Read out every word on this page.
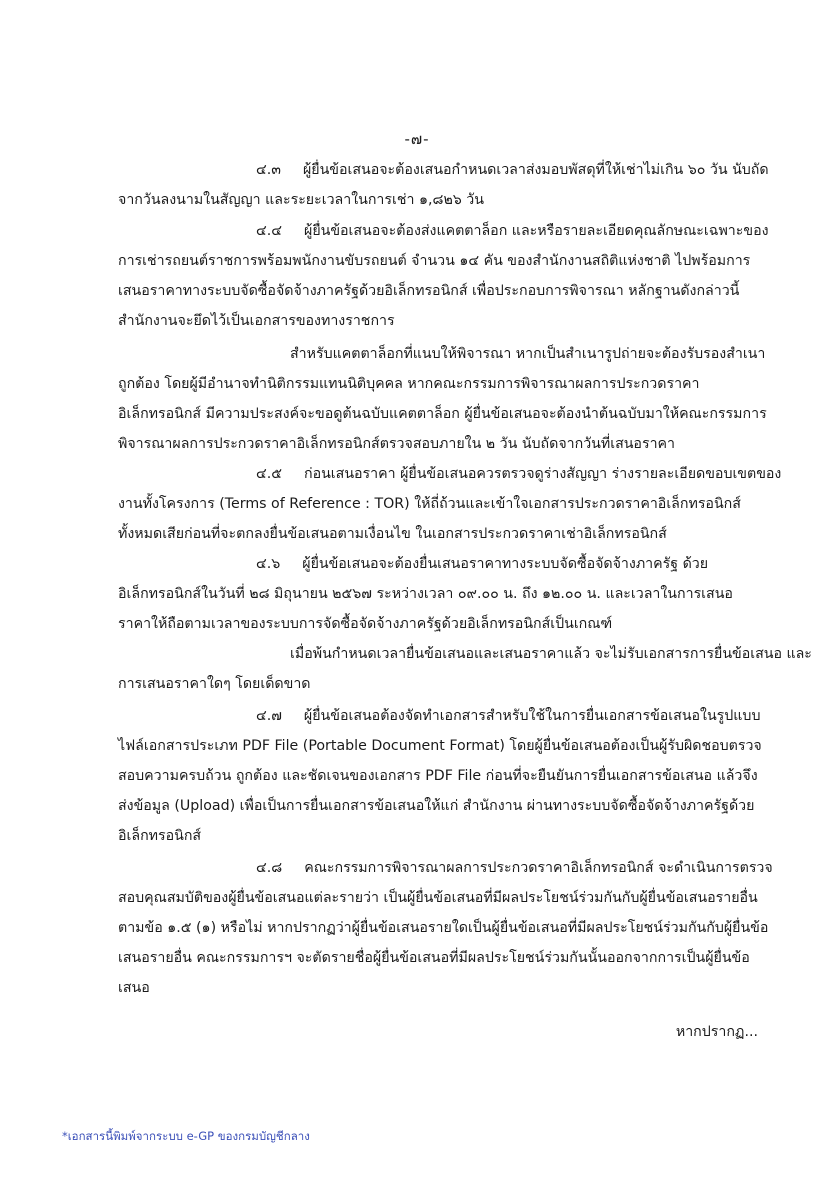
-๗-
๔.๓ ผู้ยื่นข้อเสนอจะต้องเสนอกำหนดเวลาส่งมอบพัสดุที่ให้เช่าไม่เกิน ๖๐ วัน นับถัด
จากวันลงนามในสัญญา และระยะเวลาในการเช่า ๑,๘๒๖ วัน
๔.๔ ผู้ยื่นข้อเสนอจะต้องส่งแคตตาล็อก และหรือรายละเอียดคุณลักษณะเฉพาะของ
การเช่ารถยนต์ราชการพร้อมพนักงานขับรถยนต์ จำนวน ๑๔ คัน ของสำนักงานสถิติแห่งชาติ ไปพร้อมการ
เสนอราคาทางระบบจัดซื้อจัดจ้างภาครัฐด้วยอิเล็กทรอนิกส์ เพื่อประกอบการพิจารณา หลักฐานดังกล่าวนี้
สำนักงานจะยึดไว้เป็นเอกสารของทางราชการ
สำหรับแคตตาล็อกที่แนบให้พิจารณา หากเป็นสำเนารูปถ่ายจะต้องรับรองสำเนา
ถูกต้อง โดยผู้มีอำนาจทำนิติกรรมแทนนิติบุคคล หากคณะกรรมการพิจารณาผลการประกวดราคา
อิเล็กทรอนิกส์ มีความประสงค์จะขอดูต้นฉบับแคตตาล็อก ผู้ยื่นข้อเสนอจะต้องนำต้นฉบับมาให้คณะกรรมการ
พิจารณาผลการประกวดราคาอิเล็กทรอนิกส์ตรวจสอบภายใน ๒ วัน นับถัดจากวันที่เสนอราคา
๔.๕ ก่อนเสนอราคา ผู้ยื่นข้อเสนอควรตรวจดูร่างสัญญา ร่างรายละเอียดขอบเขตของ
งานทั้งโครงการ (Terms of Reference : TOR) ให้ถี่ถ้วนและเข้าใจเอกสารประกวดราคาอิเล็กทรอนิกส์
ทั้งหมดเสียก่อนที่จะตกลงยื่นข้อเสนอตามเงื่อนไข ในเอกสารประกวดราคาเช่าอิเล็กทรอนิกส์
๔.๖ ผู้ยื่นข้อเสนอจะต้องยื่นเสนอราคาทางระบบจัดซื้อจัดจ้างภาครัฐ ด้วย
อิเล็กทรอนิกส์ในวันที่ ๒๘ มิถุนายน ๒๕๖๗ ระหว่างเวลา ๐๙.๐๐ น. ถึง ๑๒.๐๐ น. และเวลาในการเสนอ
ราคาให้ถือตามเวลาของระบบการจัดซื้อจัดจ้างภาครัฐด้วยอิเล็กทรอนิกส์เป็นเกณฑ์
เมื่อพ้นกำหนดเวลายื่นข้อเสนอและเสนอราคาแล้ว จะไม่รับเอกสารการยื่นข้อเสนอ และ
การเสนอราคาใดๆ โดยเด็ดขาด
๔.๗ ผู้ยื่นข้อเสนอต้องจัดทำเอกสารสำหรับใช้ในการยื่นเอกสารข้อเสนอในรูปแบบ
ไฟล์เอกสารประเภท PDF File (Portable Document Format) โดยผู้ยื่นข้อเสนอต้องเป็นผู้รับผิดชอบตรวจ
สอบความครบถ้วน ถูกต้อง และชัดเจนของเอกสาร PDF File ก่อนที่จะยืนยันการยื่นเอกสารข้อเสนอ แล้วจึง
ส่งข้อมูล (Upload) เพื่อเป็นการยื่นเอกสารข้อเสนอให้แก่ สำนักงาน ผ่านทางระบบจัดซื้อจัดจ้างภาครัฐด้วย
อิเล็กทรอนิกส์
๔.๘ คณะกรรมการพิจารณาผลการประกวดราคาอิเล็กทรอนิกส์ จะดำเนินการตรวจ
สอบคุณสมบัติของผู้ยื่นข้อเสนอแต่ละรายว่า เป็นผู้ยื่นข้อเสนอที่มีผลประโยชน์ร่วมกันกับผู้ยื่นข้อเสนอรายอื่น
ตามข้อ ๑.๕ (๑) หรือไม่ หากปรากฏว่าผู้ยื่นข้อเสนอรายใดเป็นผู้ยื่นข้อเสนอที่มีผลประโยชน์ร่วมกันกับผู้ยื่นข้อ
เสนอรายอื่น คณะกรรมการฯ จะตัดรายชื่อผู้ยื่นข้อเสนอที่มีผลประโยชน์ร่วมกันนั้นออกจากการเป็นผู้ยื่นข้อ
เสนอ
หากปรากฏ...
*เอกสารนี้พิมพ์จากระบบ e-GP ของกรมบัญชีกลาง
